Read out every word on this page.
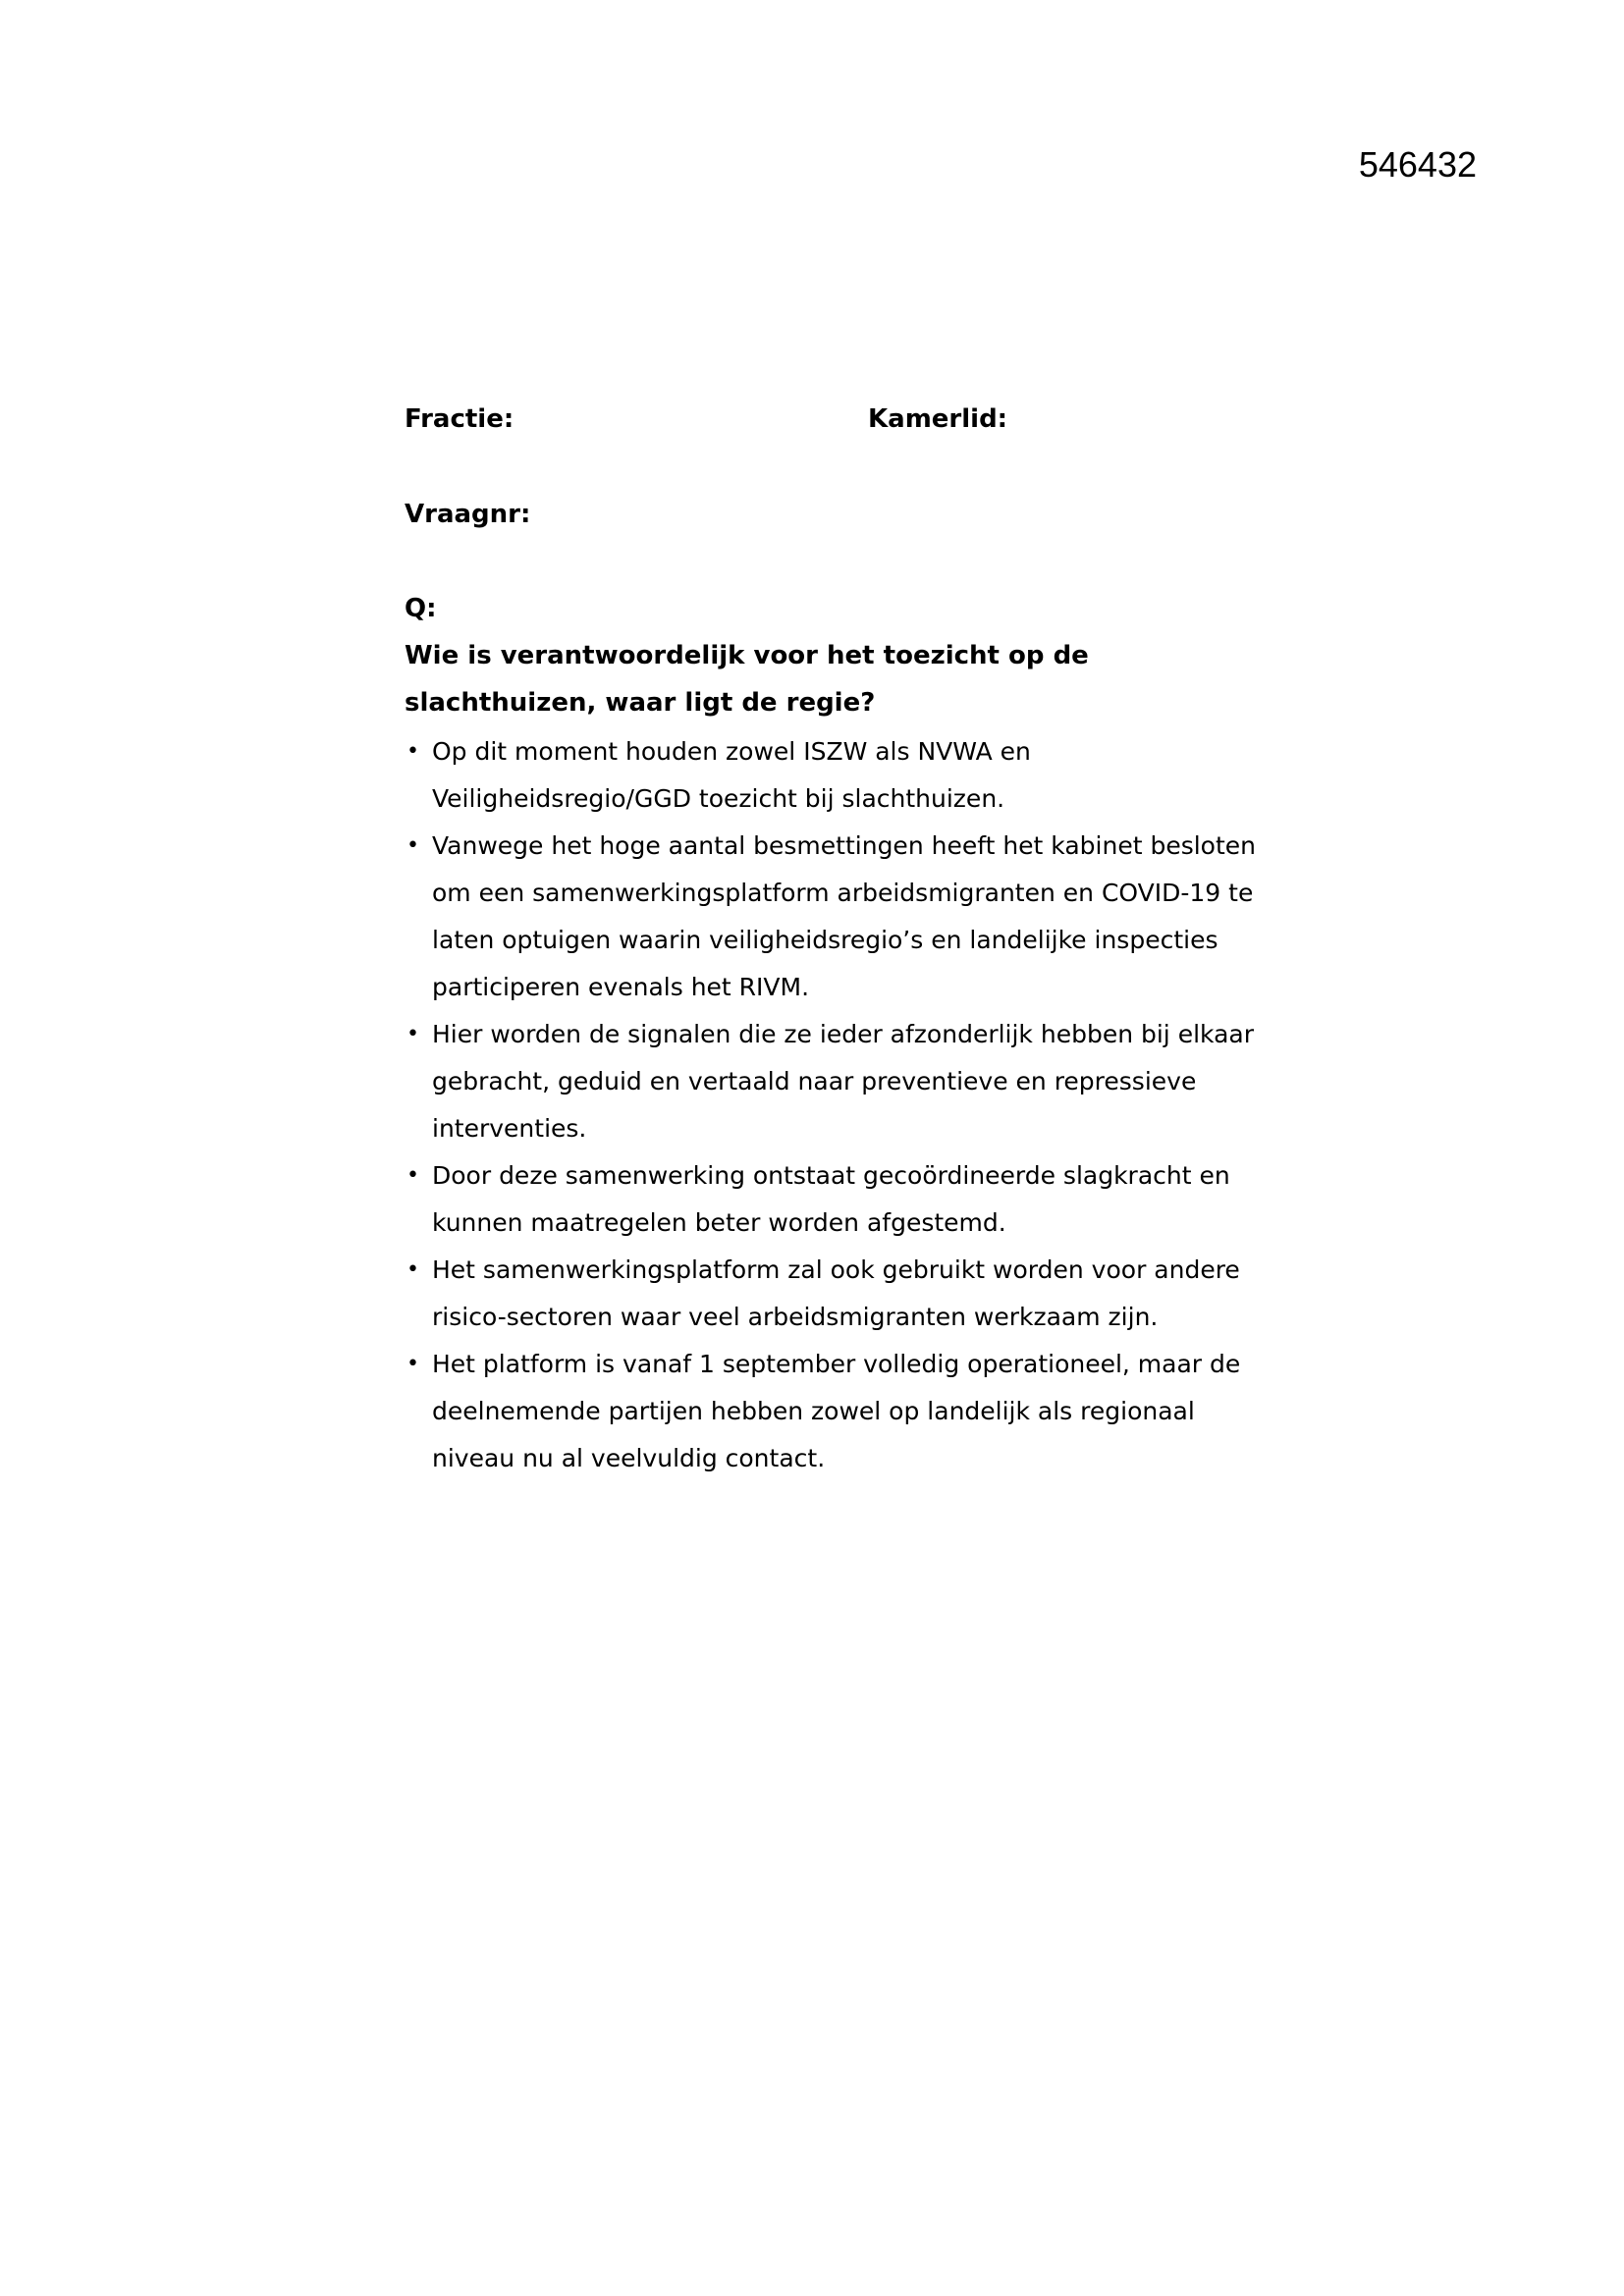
546432
Fractie:	Kamerlid:
Vraagnr:

Q:

Wie is verantwoordelijk voor het toezicht op de slachthuizen, waar ligt de regie?

• Op dit moment houden zowel ISZW als NVWA en Veiligheidsregio/GGD toezicht bij slachthuizen.
• Vanwege het hoge aantal besmettingen heeft het kabinet besloten om een samenwerkingsplatform arbeidsmigranten en COVID-19 te laten optuigen waarin veiligheidsregio’s en landelijke inspecties participeren evenals het RIVM.
• Hier worden de signalen die ze ieder afzonderlijk hebben bij elkaar gebracht, geduid en vertaald naar preventieve en repressieve interventies.
• Door deze samenwerking ontstaat gecoördineerde slagkracht en kunnen maatregelen beter worden afgestemd.
• Het samenwerkingsplatform zal ook gebruikt worden voor andere risico-sectoren waar veel arbeidsmigranten werkzaam zijn.
• Het platform is vanaf 1 september volledig operationeel, maar de deelnemende partijen hebben zowel op landelijk als regionaal niveau nu al veelvuldig contact.
